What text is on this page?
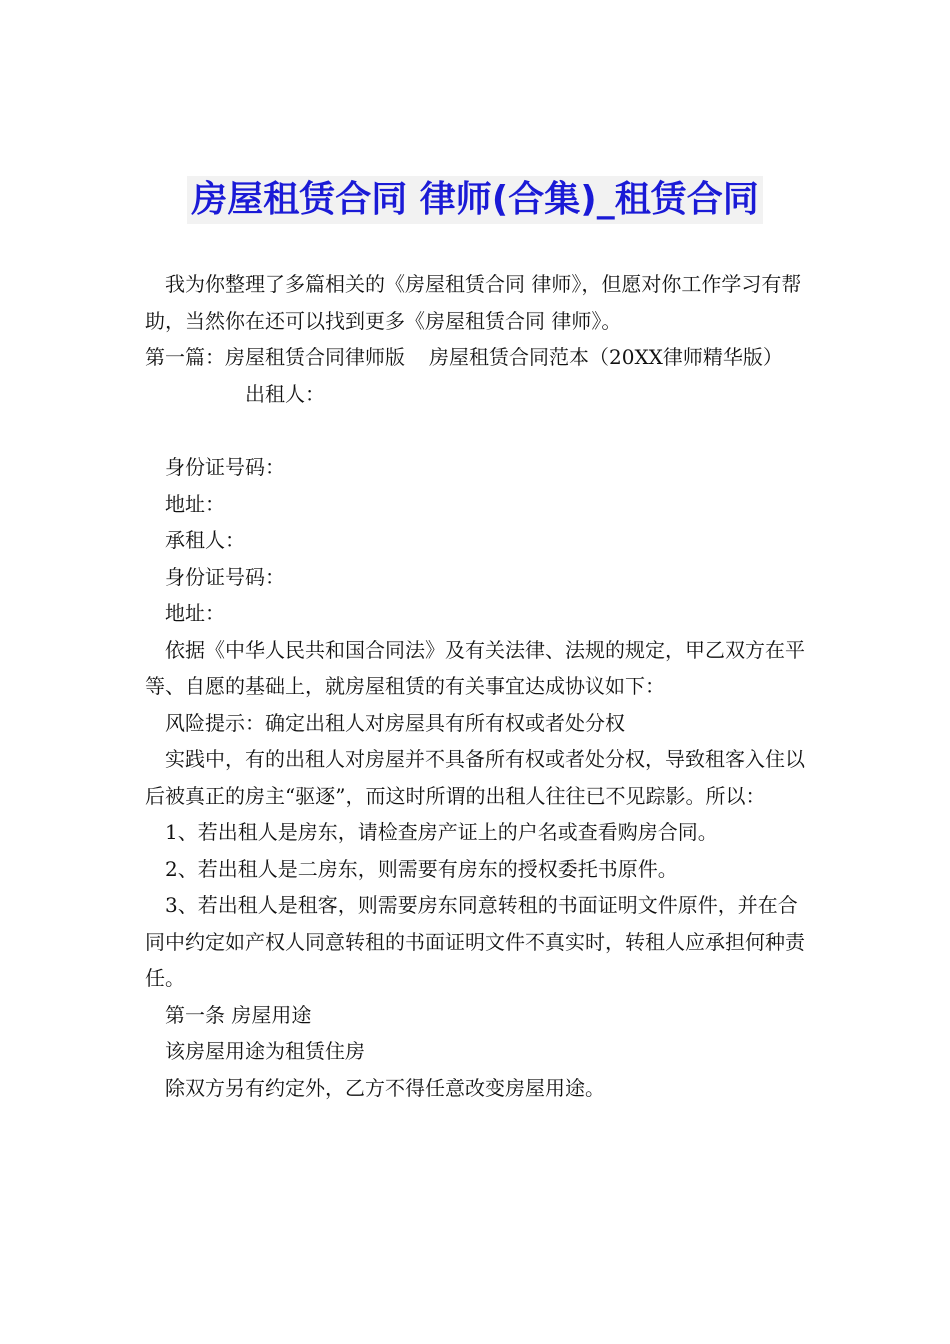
房屋租赁合同 律师(合集)_租赁合同

我为你整理了多篇相关的《房屋租赁合同 律师》，但愿对你工作学习有帮助，当然你在还可以找到更多《房屋租赁合同 律师》。

第一篇：房屋租赁合同律师版 房屋租赁合同范本（20XX律师精华版）

出租人：

身份证号码：

地址：

承租人：

身份证号码：

地址：

依据《中华人民共和国合同法》及有关法律、法规的规定，甲乙双方在平等、自愿的基础上，就房屋租赁的有关事宜达成协议如下：

风险提示：确定出租人对房屋具有所有权或者处分权

实践中，有的出租人对房屋并不具备所有权或者处分权，导致租客入住以后被真正的房主“驱逐”，而这时所谓的出租人往往已不见踪影。所以：

1、若出租人是房东，请检查房产证上的户名或查看购房合同。

2、若出租人是二房东，则需要有房东的授权委托书原件。

3、若出租人是租客，则需要房东同意转租的书面证明文件原件，并在合同中约定如产权人同意转租的书面证明文件不真实时，转租人应承担何种责任。

第一条 房屋用途

该房屋用途为租赁住房

除双方另有约定外，乙方不得任意改变房屋用途。
